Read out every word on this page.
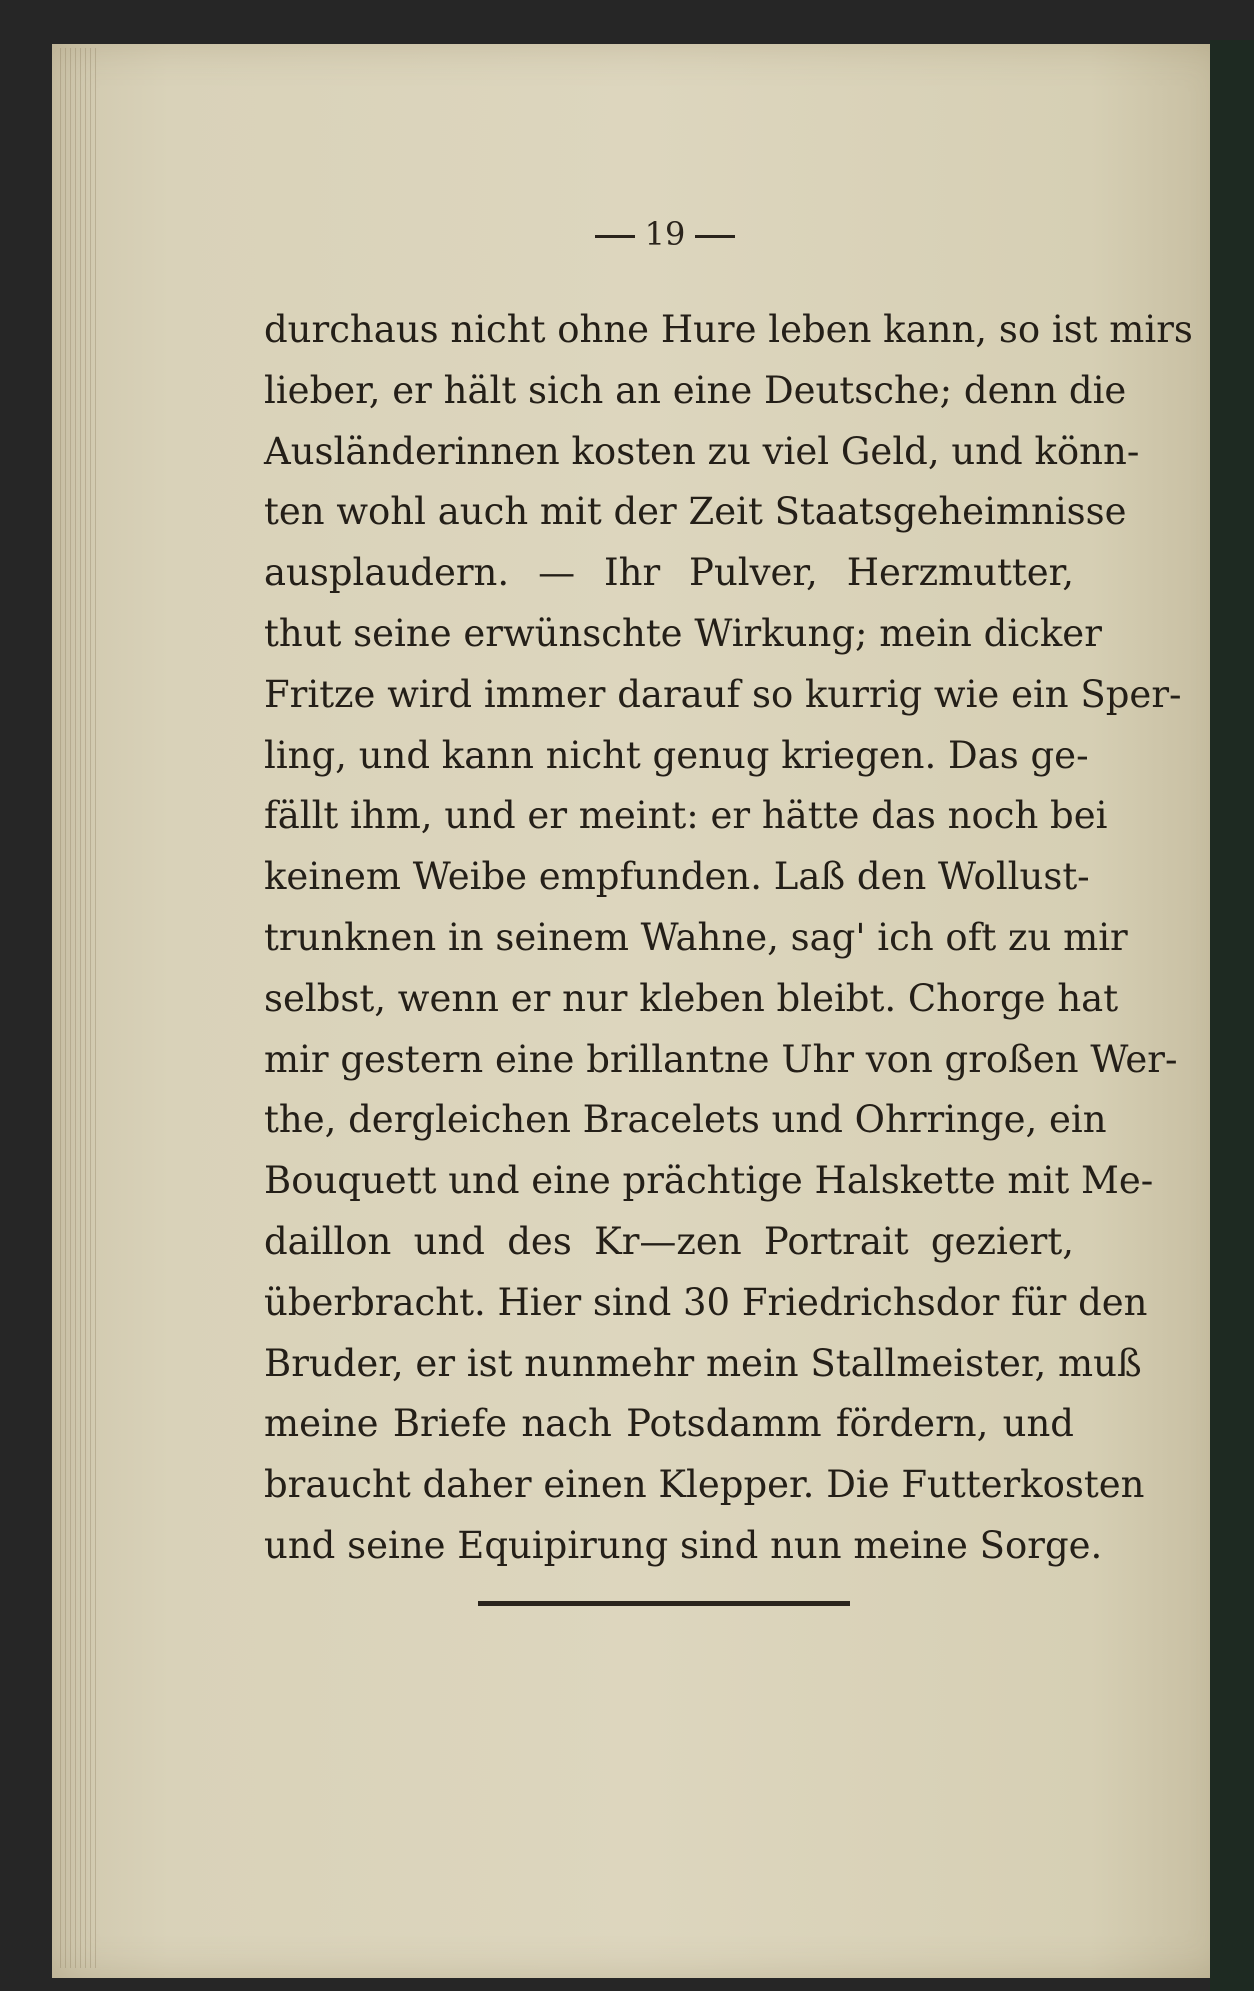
19
durchaus nicht ohne Hure leben kann, so ist mirs
lieber, er hält sich an eine Deutsche; denn die
Ausländerinnen kosten zu viel Geld, und könn-
ten wohl auch mit der Zeit Staatsgeheimnisse
ausplaudern. — Ihr Pulver, Herzmutter,
thut seine erwünschte Wirkung; mein dicker
Fritze wird immer darauf so kurrig wie ein Sper-
ling, und kann nicht genug kriegen. Das ge-
fällt ihm, und er meint: er hätte das noch bei
keinem Weibe empfunden. Laß den Wollust-
trunknen in seinem Wahne, sag' ich oft zu mir
selbst, wenn er nur kleben bleibt. Chorge hat
mir gestern eine brillantne Uhr von großen Wer-
the, dergleichen Bracelets und Ohrringe, ein
Bouquett und eine prächtige Halskette mit Me-
daillon und des Kr—zen Portrait geziert,
überbracht. Hier sind 30 Friedrichsdor für den
Bruder, er ist nunmehr mein Stallmeister, muß
meine Briefe nach Potsdamm fördern, und
braucht daher einen Klepper. Die Futterkosten
und seine Equipirung sind nun meine Sorge.
